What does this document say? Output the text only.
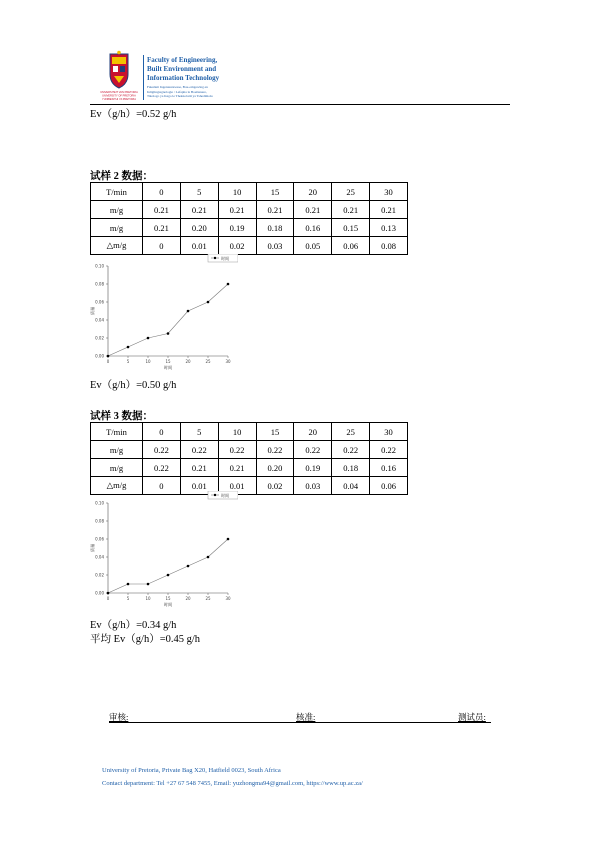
UNIVERSITEIT VAN PRETORIA
UNIVERSITY OF PRETORIA
YUNIBESITHI YA PRETORIA
Faculty of Engineering,
Built Environment and
Information Technology
Fakulteit Ingenieurswese, Bou-omgewing en
Inligtingtegnologie / Lefapha la Boetšenere,
Tikologo ya Kago le Theknolotši ya Tshedimošo
Ev（g/h）=0.52 g/h
试样 2 数据：
T/min	0	5	10	15	20	25	30
m/g	0.21	0.21	0.21	0.21	0.21	0.21	0.21
m/g	0.21	0.20	0.19	0.18	0.16	0.15	0.13
△m/g	0	0.01	0.02	0.03	0.05	0.06	0.08
时间
0.00
0.02
0.04
0.06
0.08
0.10
0	5	10	15	20	25	30
时间
质量
Ev（g/h）=0.50 g/h
试样 3 数据：
T/min	0	5	10	15	20	25	30
m/g	0.22	0.22	0.22	0.22	0.22	0.22	0.22
m/g	0.22	0.21	0.21	0.20	0.19	0.18	0.16
△m/g	0	0.01	0.01	0.02	0.03	0.04	0.06
时间
0.00
0.02
0.04
0.06
0.08
0.10
0	5	10	15	20	25	30
时间
质量
Ev（g/h）=0.34 g/h
平均 Ev（g/h）=0.45 g/h
审核:	核准:	测试员:
University of Pretoria, Private Bag X20, Hatfield 0023, South Africa
Contact department: Tel +27 67 548 7455, Email: yuzhongma94@gmail.com, https://www.up.ac.za/
